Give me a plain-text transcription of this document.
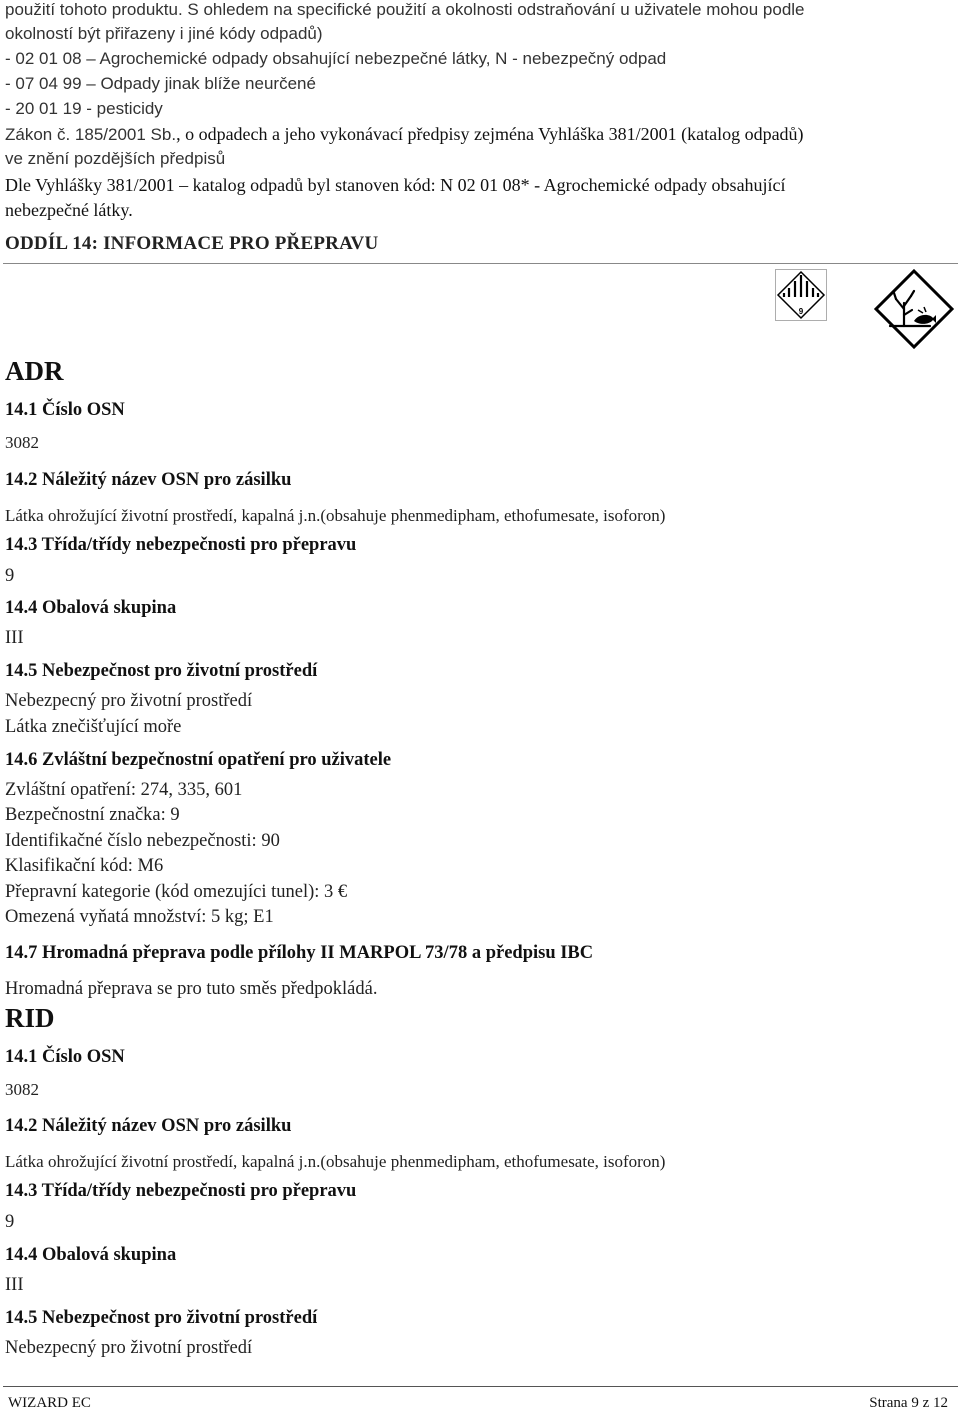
použití tohoto produktu. S ohledem na specifické použití a okolnosti odstraňování u uživatele mohou podle
okolností být přiřazeny i jiné kódy odpadů)
- 02 01 08 – Agrochemické odpady obsahující nebezpečné látky, N - nebezpečný odpad
- 07 04 99 – Odpady jinak blíže neurčené
- 20 01 19 - pesticidy
Zákon č. 185/2001 Sb., o odpadech a jeho vykonávací předpisy zejména Vyhláška 381/2001 (katalog odpadů)
ve znění pozdějších předpisů
Dle Vyhlášky 381/2001 – katalog odpadů byl stanoven kód: N 02 01 08* - Agrochemické odpady obsahující
nebezpečné látky.
ODDÍL 14: INFORMACE PRO PŘEPRAVU
9
ADR
14.1 Číslo OSN
3082
14.2 Náležitý název OSN pro zásilku
Látka ohrožující životní prostředí, kapalná j.n.(obsahuje phenmedipham, ethofumesate, isoforon)
14.3 Třída/třídy nebezpečnosti pro přepravu
9
14.4 Obalová skupina
III
14.5 Nebezpečnost pro životní prostředí
Nebezpecný pro životní prostředí
Látka znečišťující moře
14.6 Zvláštní bezpečnostní opatření pro uživatele
Zvláštní opatření: 274, 335, 601
Bezpečnostní značka: 9
Identifikačné číslo nebezpečnosti: 90
Klasifikační kód: M6
Přepravní kategorie (kód omezujíci tunel): 3 €
Omezená vyňatá množství: 5 kg; E1
14.7 Hromadná přeprava podle přílohy II MARPOL 73/78 a předpisu IBC
Hromadná přeprava se pro tuto směs předpokládá.
RID
14.1 Číslo OSN
3082
14.2 Náležitý název OSN pro zásilku
Látka ohrožující životní prostředí, kapalná j.n.(obsahuje phenmedipham, ethofumesate, isoforon)
14.3 Třída/třídy nebezpečnosti pro přepravu
9
14.4 Obalová skupina
III
14.5 Nebezpečnost pro životní prostředí
Nebezpecný pro životní prostředí
WIZARD EC	Strana 9 z 12
